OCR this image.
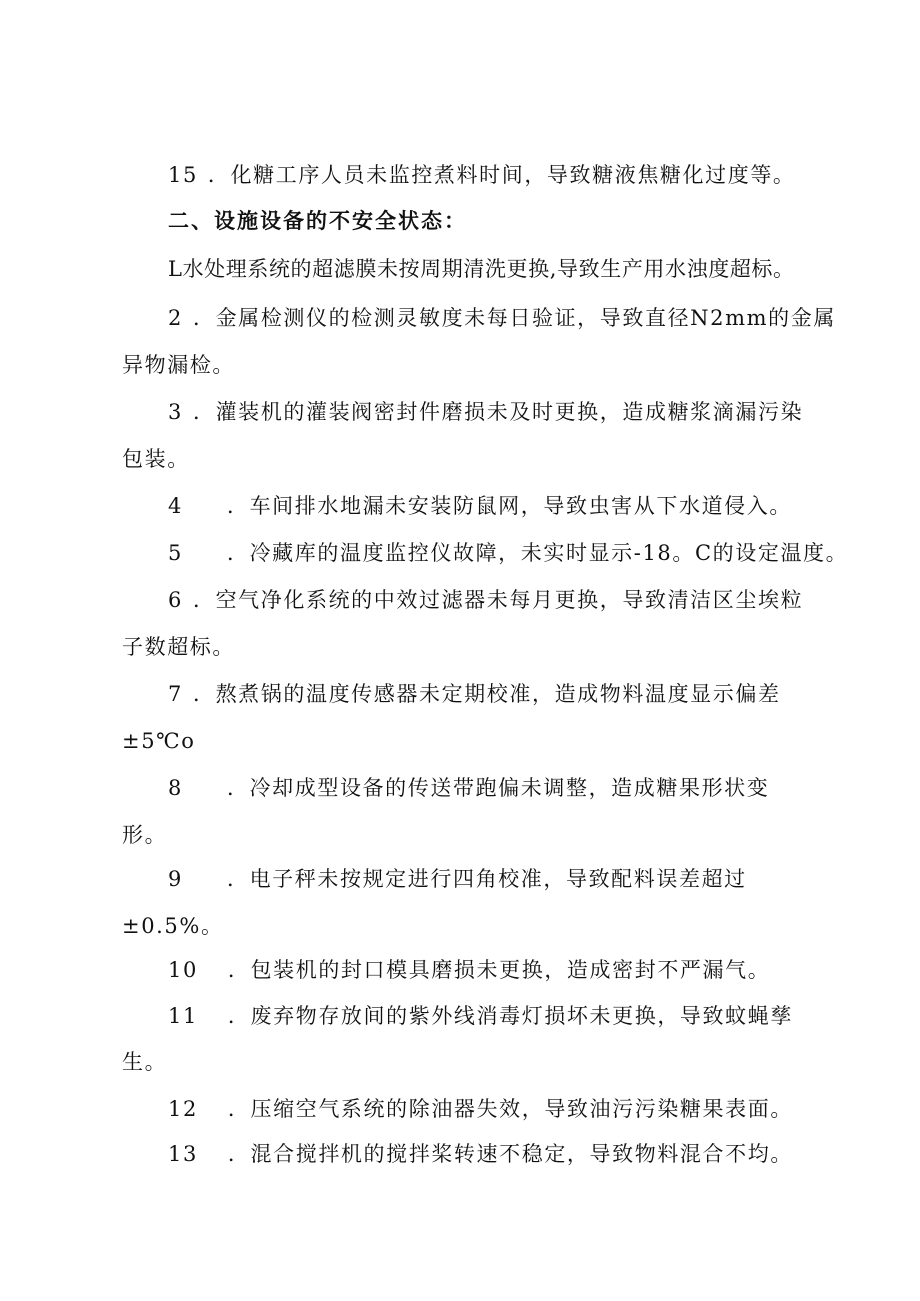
15 ．化糖工序人员未监控煮料时间，导致糖液焦糖化过度等。
二、设施设备的不安全状态：
L水处理系统的超滤膜未按周期清洗更换,导致生产用水浊度超标。
2 ．金属检测仪的检测灵敏度未每日验证，导致直径N2mm的金属
异物漏检。
3 ．灌装机的灌装阀密封件磨损未及时更换，造成糖浆滴漏污染
包装。
4 ．车间排水地漏未安装防鼠网，导致虫害从下水道侵入。
5 ．冷藏库的温度监控仪故障，未实时显示-18。C的设定温度。
6 ．空气净化系统的中效过滤器未每月更换，导致清洁区尘埃粒
子数超标。
7 ．熬煮锅的温度传感器未定期校准，造成物料温度显示偏差
±5℃o
8 ．冷却成型设备的传送带跑偏未调整，造成糖果形状变
形。
9 ．电子秤未按规定进行四角校准，导致配料误差超过
±0.5%。
10 ．包装机的封口模具磨损未更换，造成密封不严漏气。
11 ．废弃物存放间的紫外线消毒灯损坏未更换，导致蚊蝇孳
生。
12 ．压缩空气系统的除油器失效，导致油污污染糖果表面。
13 ．混合搅拌机的搅拌桨转速不稳定，导致物料混合不均。
